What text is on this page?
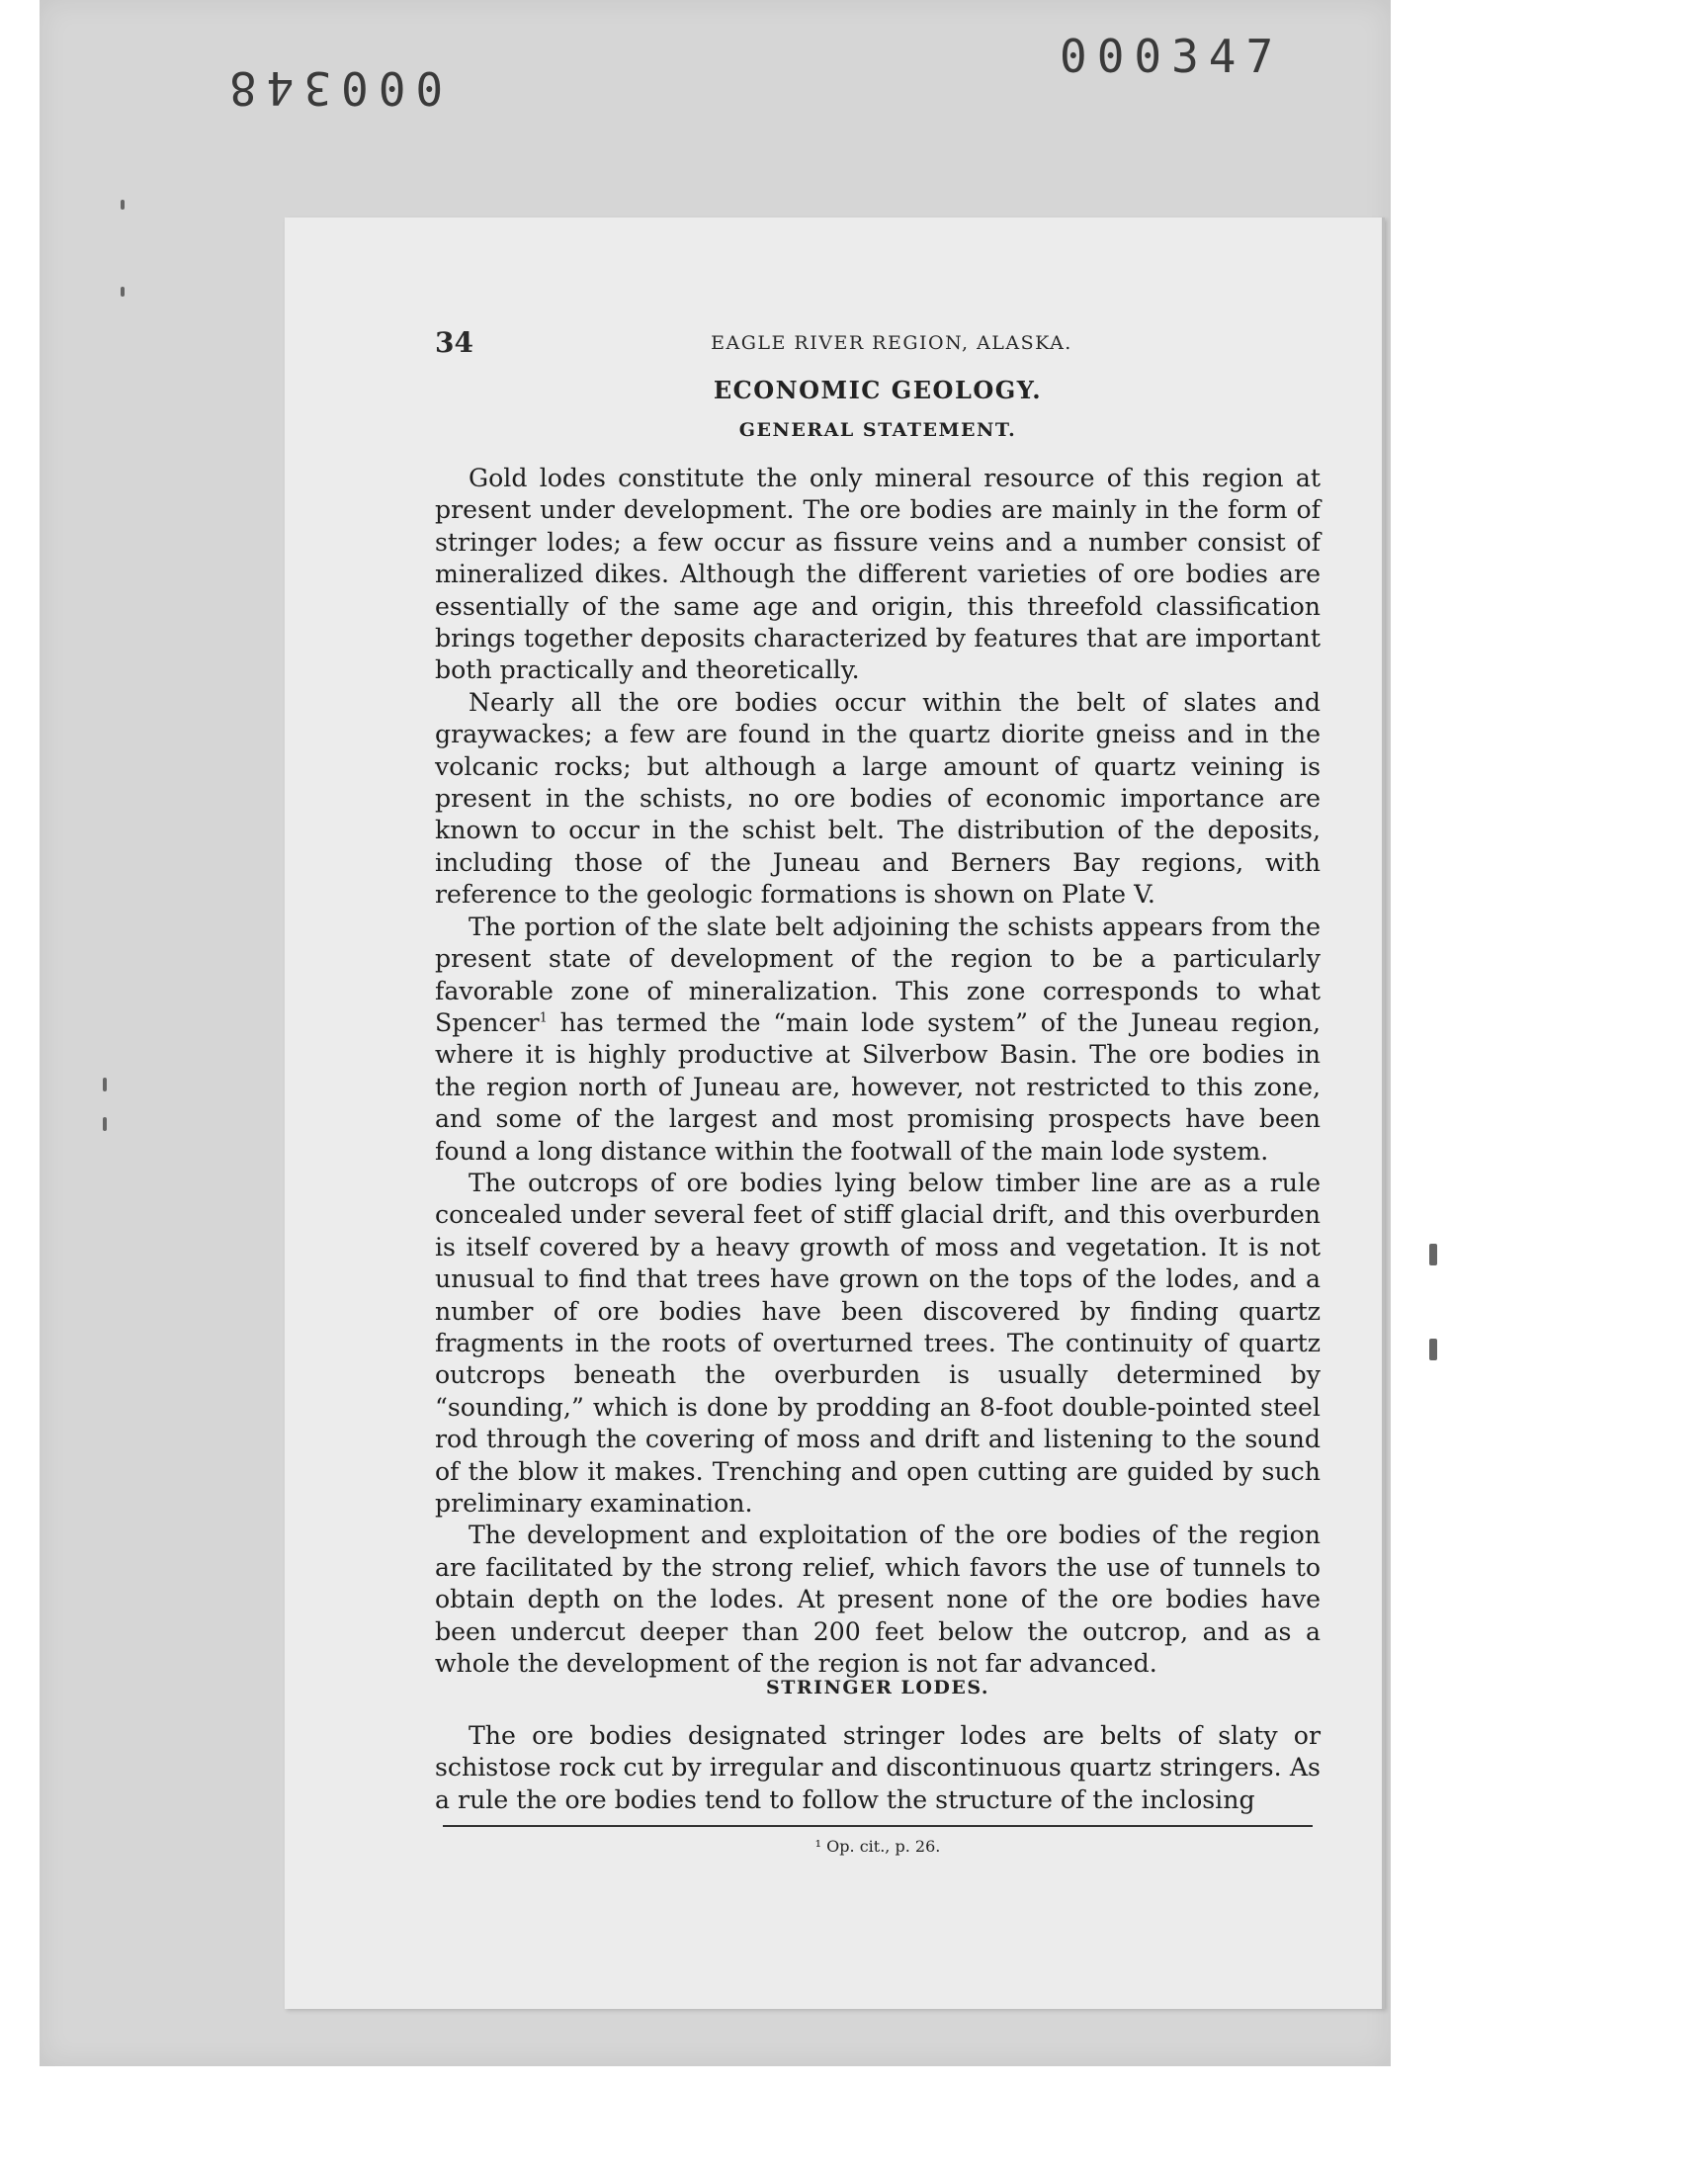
000348
000347
34	EAGLE RIVER REGION, ALASKA.
ECONOMIC GEOLOGY.
GENERAL STATEMENT.

Gold lodes constitute the only mineral resource of this region at present under development. The ore bodies are mainly in the form of stringer lodes; a few occur as fissure veins and a number consist of mineralized dikes. Although the different varieties of ore bodies are essentially of the same age and origin, this threefold classification brings together deposits characterized by features that are important both practically and theoretically.

Nearly all the ore bodies occur within the belt of slates and graywackes; a few are found in the quartz diorite gneiss and in the volcanic rocks; but although a large amount of quartz veining is present in the schists, no ore bodies of economic importance are known to occur in the schist belt. The distribution of the deposits, including those of the Juneau and Berners Bay regions, with reference to the geologic formations is shown on Plate V.

The portion of the slate belt adjoining the schists appears from the present state of development of the region to be a particularly favorable zone of mineralization. This zone corresponds to what Spencer$^1$ has termed the “main lode system” of the Juneau region, where it is highly productive at Silverbow Basin. The ore bodies in the region north of Juneau are, however, not restricted to this zone, and some of the largest and most promising prospects have been found a long distance within the footwall of the main lode system.

The outcrops of ore bodies lying below timber line are as a rule concealed under several feet of stiff glacial drift, and this overburden is itself covered by a heavy growth of moss and vegetation. It is not unusual to find that trees have grown on the tops of the lodes, and a number of ore bodies have been discovered by finding quartz fragments in the roots of overturned trees. The continuity of quartz outcrops beneath the overburden is usually determined by “sounding,” which is done by prodding an 8-foot double-pointed steel rod through the covering of moss and drift and listening to the sound of the blow it makes. Trenching and open cutting are guided by such preliminary examination.

The development and exploitation of the ore bodies of the region are facilitated by the strong relief, which favors the use of tunnels to obtain depth on the lodes. At present none of the ore bodies have been undercut deeper than 200 feet below the outcrop, and as a whole the development of the region is not far advanced.

STRINGER LODES.

The ore bodies designated stringer lodes are belts of slaty or schistose rock cut by irregular and discontinuous quartz stringers. As a rule the ore bodies tend to follow the structure of the inclosing

¹ Op. cit., p. 26.
